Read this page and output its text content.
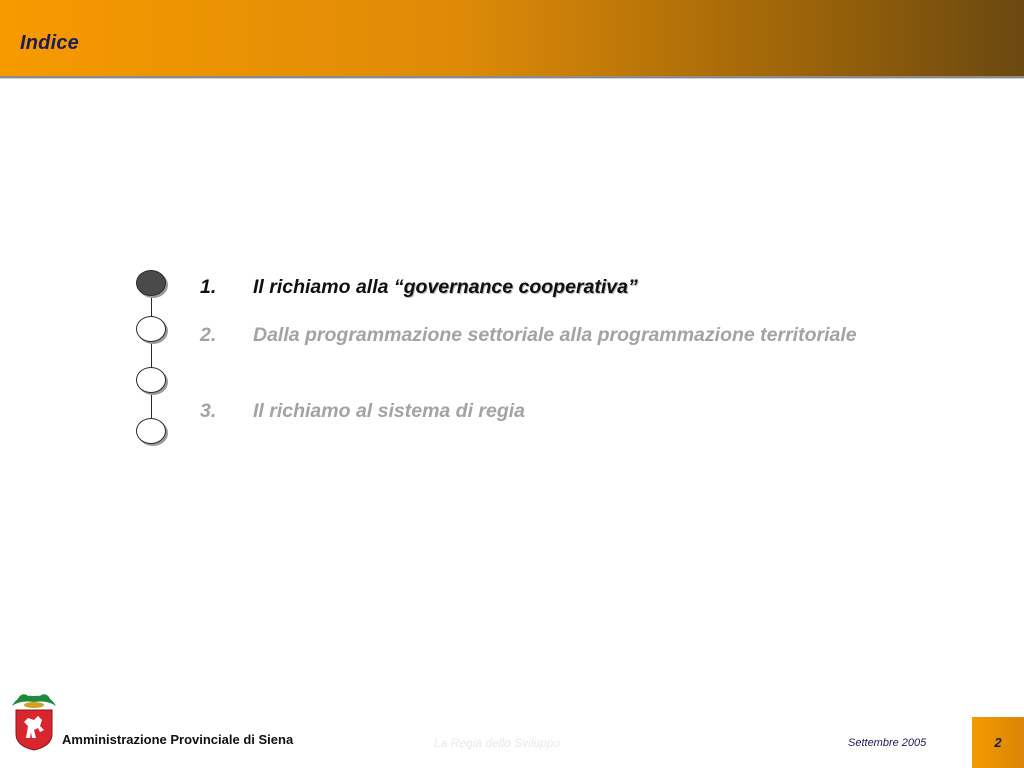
Indice
1.	Il richiamo alla “governance cooperativa”
2.	Dalla programmazione settoriale alla programmazione territoriale
3.	Il richiamo al sistema di regia
Amministrazione Provinciale di Siena	La Regia dello Sviluppo	Settembre 2005	2
